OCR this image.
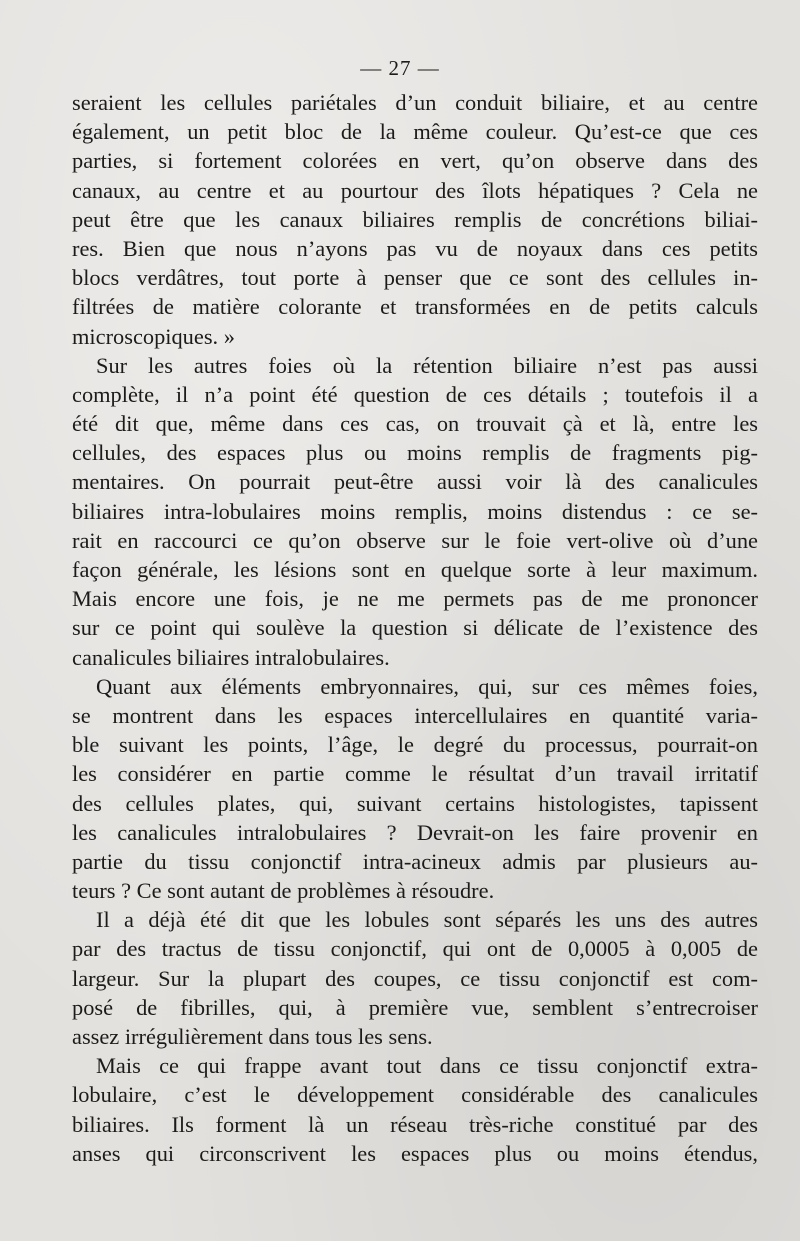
— 27 —
seraient les cellules pariétales d’un conduit biliaire, et au centre
également, un petit bloc de la même couleur. Qu’est-ce que ces
parties, si fortement colorées en vert, qu’on observe dans des
canaux, au centre et au pourtour des îlots hépatiques ? Cela ne
peut être que les canaux biliaires remplis de concrétions biliai-
res. Bien que nous n’ayons pas vu de noyaux dans ces petits
blocs verdâtres, tout porte à penser que ce sont des cellules in-
filtrées de matière colorante et transformées en de petits calculs
microscopiques. »
Sur les autres foies où la rétention biliaire n’est pas aussi
complète, il n’a point été question de ces détails ; toutefois il a
été dit que, même dans ces cas, on trouvait çà et là, entre les
cellules, des espaces plus ou moins remplis de fragments pig-
mentaires. On pourrait peut-être aussi voir là des canalicules
biliaires intra-lobulaires moins remplis, moins distendus : ce se-
rait en raccourci ce qu’on observe sur le foie vert-olive où d’une
façon générale, les lésions sont en quelque sorte à leur maximum.
Mais encore une fois, je ne me permets pas de me prononcer
sur ce point qui soulève la question si délicate de l’existence des
canalicules biliaires intralobulaires.
Quant aux éléments embryonnaires, qui, sur ces mêmes foies,
se montrent dans les espaces intercellulaires en quantité varia-
ble suivant les points, l’âge, le degré du processus, pourrait-on
les considérer en partie comme le résultat d’un travail irritatif
des cellules plates, qui, suivant certains histologistes, tapissent
les canalicules intralobulaires ? Devrait-on les faire provenir en
partie du tissu conjonctif intra-acineux admis par plusieurs au-
teurs ? Ce sont autant de problèmes à résoudre.
Il a déjà été dit que les lobules sont séparés les uns des autres
par des tractus de tissu conjonctif, qui ont de 0,0005 à 0,005 de
largeur. Sur la plupart des coupes, ce tissu conjonctif est com-
posé de fibrilles, qui, à première vue, semblent s’entrecroiser
assez irrégulièrement dans tous les sens.
Mais ce qui frappe avant tout dans ce tissu conjonctif extra-
lobulaire, c’est le développement considérable des canalicules
biliaires. Ils forment là un réseau très-riche constitué par des
anses qui circonscrivent les espaces plus ou moins étendus,
